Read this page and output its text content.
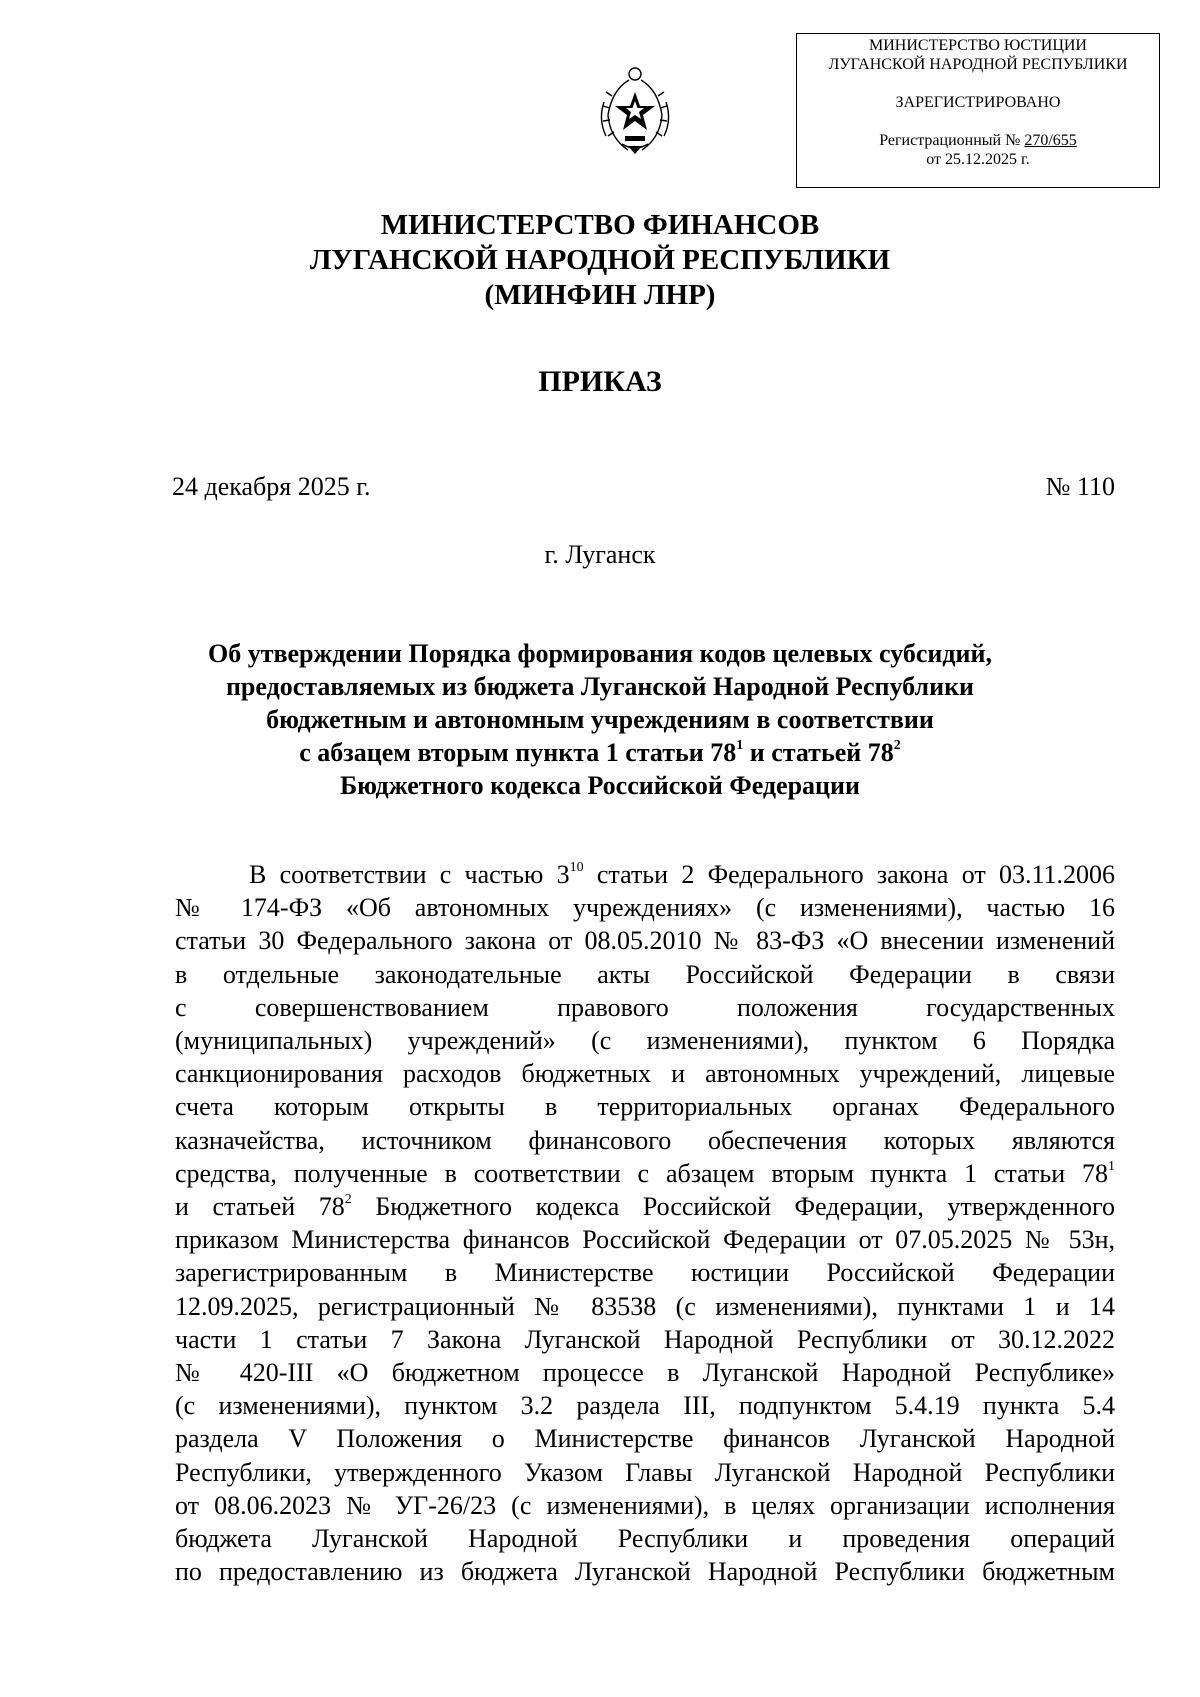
МИНИСТЕРСТВО ЮСТИЦИИ
ЛУГАНСКОЙ НАРОДНОЙ РЕСПУБЛИКИ
ЗАРЕГИСТРИРОВАНО
Регистрационный № 270/655
от 25.12.2025 г.
МИНИСТЕРСТВО ФИНАНСОВ
ЛУГАНСКОЙ НАРОДНОЙ РЕСПУБЛИКИ
(МИНФИН ЛНР)
ПРИКАЗ
24 декабря 2025 г.	№ 110
г. Луганск
Об утверждении Порядка формирования кодов целевых субсидий,
предоставляемых из бюджета Луганской Народной Республики
бюджетным и автономным учреждениям в соответствии
с абзацем вторым пункта 1 статьи $78^1$ и статьей $78^2$
Бюджетного кодекса Российской Федерации
В соответствии с частью $3^{10}$ статьи 2 Федерального закона от 03.11.2006
№ 174-ФЗ «Об автономных учреждениях» (с изменениями), частью 16
статьи 30 Федерального закона от 08.05.2010 № 83-ФЗ «О внесении изменений
в отдельные законодательные акты Российской Федерации в связи
с совершенствованием правового положения государственных
(муниципальных) учреждений» (с изменениями), пунктом 6 Порядка
санкционирования расходов бюджетных и автономных учреждений, лицевые
счета которым открыты в территориальных органах Федерального
казначейства, источником финансового обеспечения которых являются
средства, полученные в соответствии с абзацем вторым пункта 1 статьи $78^1$
и статьей $78^2$ Бюджетного кодекса Российской Федерации, утвержденного
приказом Министерства финансов Российской Федерации от 07.05.2025 № 53н,
зарегистрированным в Министерстве юстиции Российской Федерации
12.09.2025, регистрационный № 83538 (с изменениями), пунктами 1 и 14
части 1 статьи 7 Закона Луганской Народной Республики от 30.12.2022
№ 420-III «О бюджетном процессе в Луганской Народной Республике»
(с изменениями), пунктом 3.2 раздела III, подпунктом 5.4.19 пункта 5.4
раздела V Положения о Министерстве финансов Луганской Народной
Республики, утвержденного Указом Главы Луганской Народной Республики
от 08.06.2023 № УГ-26/23 (с изменениями), в целях организации исполнения
бюджета Луганской Народной Республики и проведения операций
по предоставлению из бюджета Луганской Народной Республики бюджетным
